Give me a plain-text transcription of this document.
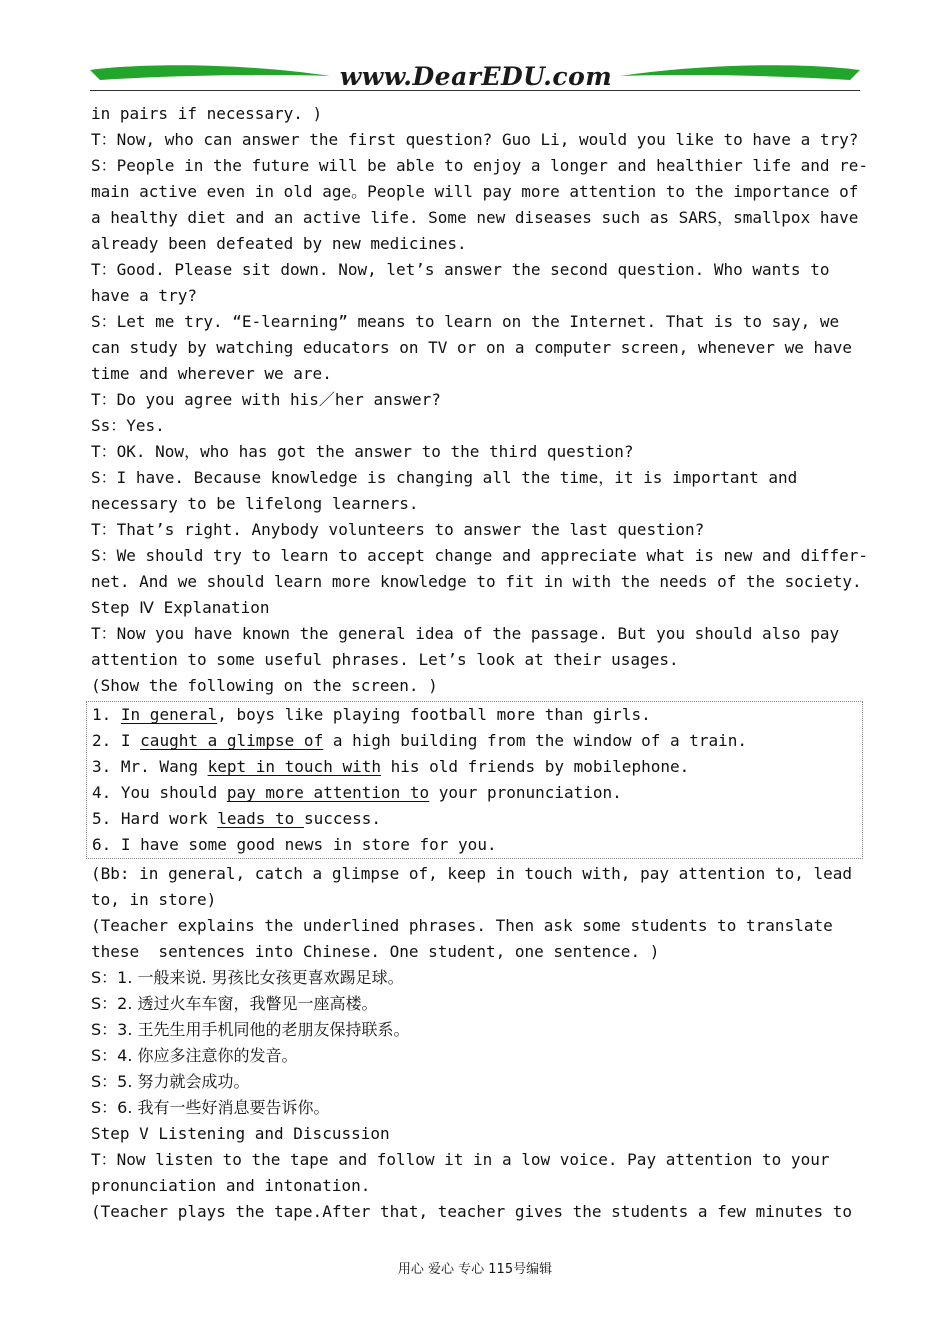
www.DearEDU.com
in pairs if necessary. )
T：Now, who can answer the first question? Guo Li, would you like to have a try?
S：People in the future will be able to enjoy a longer and healthier life and re-
main active even in old age。People will pay more attention to the importance of
a healthy diet and an active life. Some new diseases such as SARS，smallpox have
already been defeated by new medicines.
T：Good. Please sit down. Now, let’s answer the second question. Who wants to
have a try?
S：Let me try. “E-learning” means to learn on the Internet. That is to say, we
can study by watching educators on TV or on a computer screen, whenever we have
time and wherever we are.
T：Do you agree with his／her answer?
Ss：Yes.
T：OK. Now，who has got the answer to the third question?
S：I have. Because knowledge is changing all the time，it is important and
necessary to be lifelong learners.
T：That’s right. Anybody volunteers to answer the last question?
S：We should try to learn to accept change and appreciate what is new and differ-
net. And we should learn more knowledge to fit in with the needs of the society.
Step Ⅳ Explanation
T：Now you have known the general idea of the passage. But you should also pay
attention to some useful phrases. Let’s look at their usages.
(Show the following on the screen. )
1. In general, boys like playing football more than girls.
2. I caught a glimpse of a high building from the window of a train.
3. Mr. Wang kept in touch with his old friends by mobilephone.
4. You should pay more attention to your pronunciation.
5. Hard work leads to success.
6. I have some good news in store for you.
(Bb: in general, catch a glimpse of, keep in touch with, pay attention to, lead
to, in store)
(Teacher explains the underlined phrases. Then ask some students to translate
these  sentences into Chinese. One student, one sentence. )
S：1. 一般来说. 男孩比女孩更喜欢踢足球。
S：2. 透过火车车窗，我瞥见一座高楼。
S：3. 王先生用手机同他的老朋友保持联系。
S：4. 你应多注意你的发音。
S：5. 努力就会成功。
S：6. 我有一些好消息要告诉你。
Step V Listening and Discussion
T：Now listen to the tape and follow it in a low voice. Pay attention to your
pronunciation and intonation.
(Teacher plays the tape.After that, teacher gives the students a few minutes to
用心 爱心 专心 115号编辑
